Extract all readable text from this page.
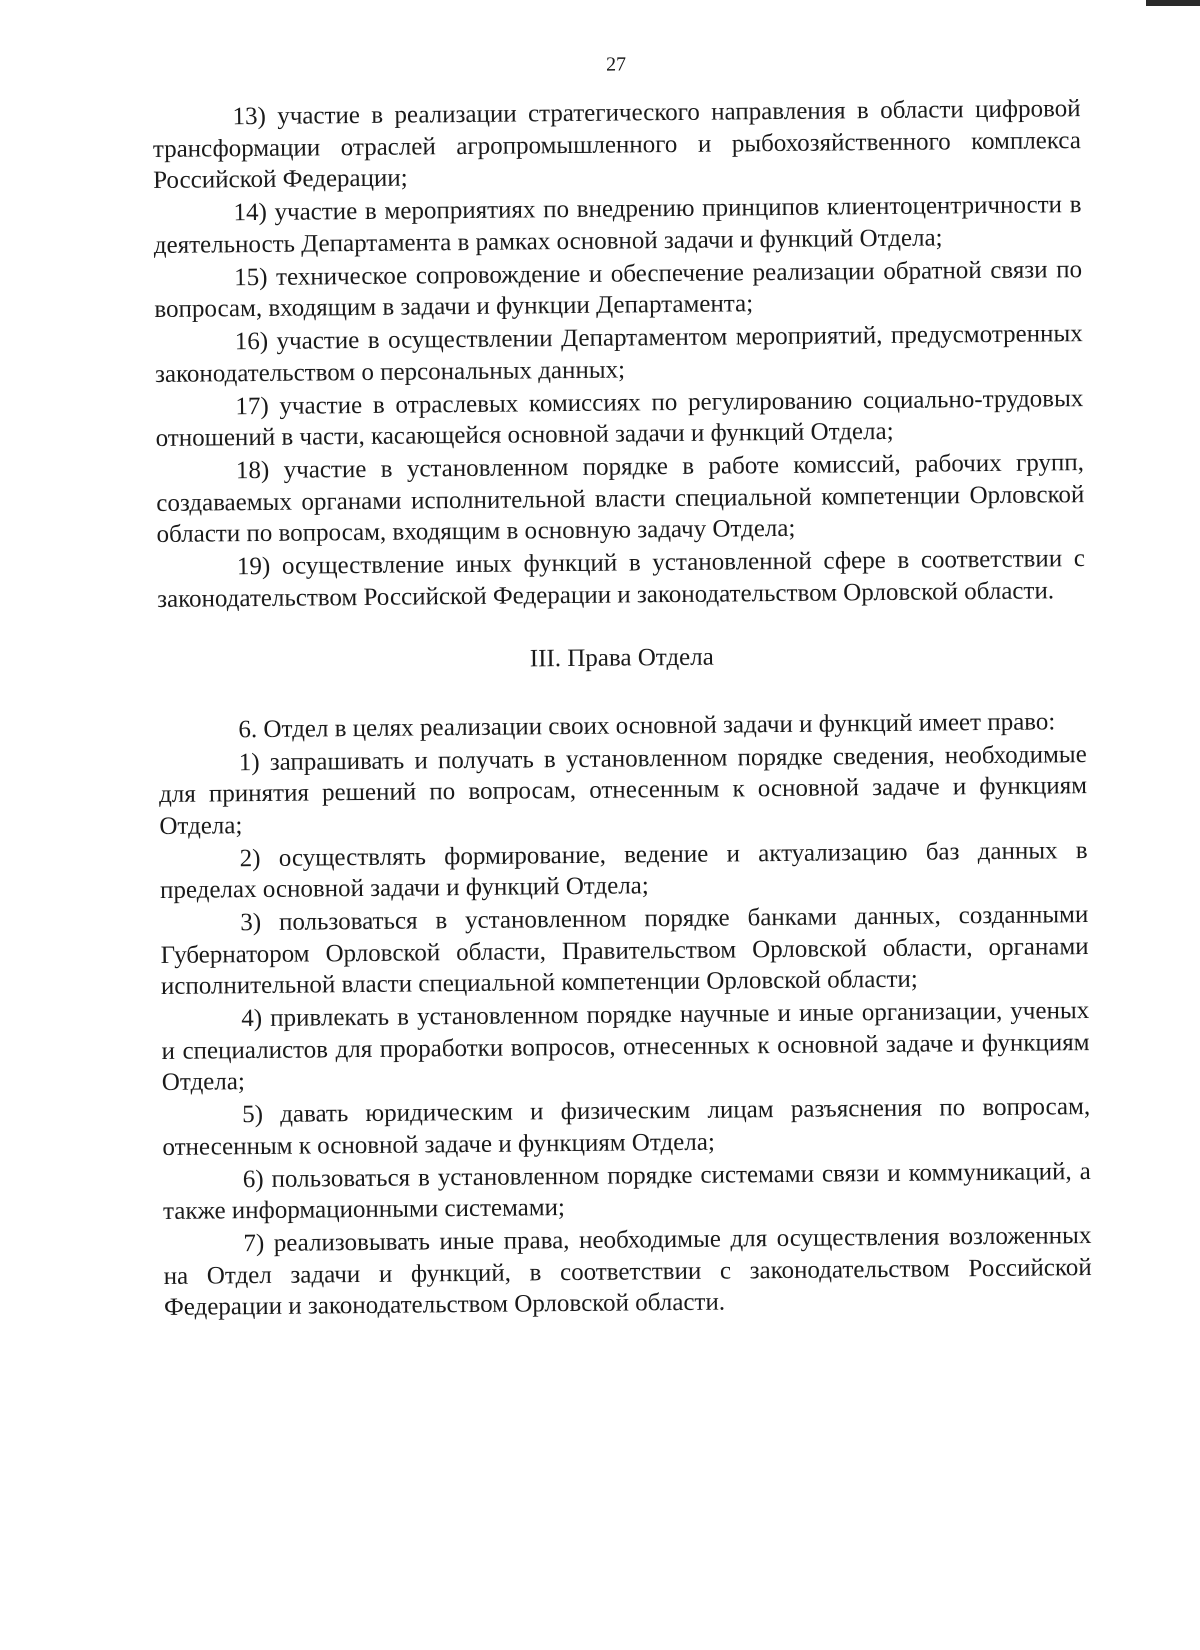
27

13) участие в реализации стратегического направления в области цифровой трансформации отраслей агропромышленного и рыбохозяйственного комплекса Российской Федерации;

14) участие в мероприятиях по внедрению принципов клиентоцентричности в деятельность Департамента в рамках основной задачи и функций Отдела;

15) техническое сопровождение и обеспечение реализации обратной связи по вопросам, входящим в задачи и функции Департамента;

16) участие в осуществлении Департаментом мероприятий, предусмотренных законодательством о персональных данных;

17) участие в отраслевых комиссиях по регулированию социально-трудовых отношений в части, касающейся основной задачи и функций Отдела;

18) участие в установленном порядке в работе комиссий, рабочих групп, создаваемых органами исполнительной власти специальной компетенции Орловской области по вопросам, входящим в основную задачу Отдела;

19) осуществление иных функций в установленной сфере в соответствии с законодательством Российской Федерации и законодательством Орловской области.

III. Права Отдела

6. Отдел в целях реализации своих основной задачи и функций имеет право:

1) запрашивать и получать в установленном порядке сведения, необходимые для принятия решений по вопросам, отнесенным к основной задаче и функциям Отдела;

2) осуществлять формирование, ведение и актуализацию баз данных в пределах основной задачи и функций Отдела;

3) пользоваться в установленном порядке банками данных, созданными Губернатором Орловской области, Правительством Орловской области, органами исполнительной власти специальной компетенции Орловской области;

4) привлекать в установленном порядке научные и иные организации, ученых и специалистов для проработки вопросов, отнесенных к основной задаче и функциям Отдела;

5) давать юридическим и физическим лицам разъяснения по вопросам, отнесенным к основной задаче и функциям Отдела;

6) пользоваться в установленном порядке системами связи и коммуникаций, а также информационными системами;

7) реализовывать иные права, необходимые для осуществления возложенных на Отдел задачи и функций, в соответствии с законодательством Российской Федерации и законодательством Орловской области.
